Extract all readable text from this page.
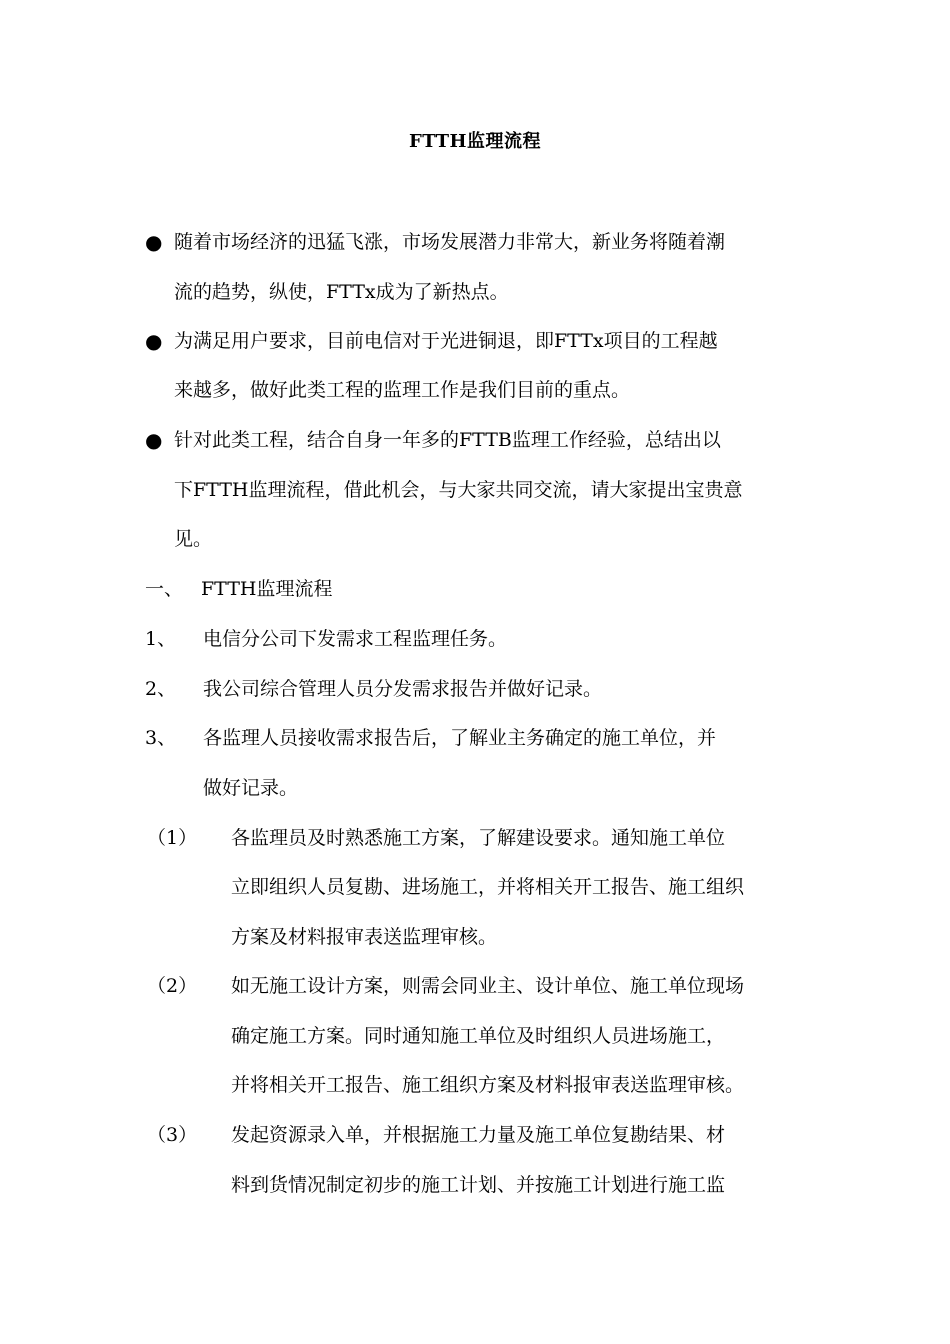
FTTH监理流程
● 随着市场经济的迅猛飞涨，市场发展潜力非常大，新业务将随着潮
流的趋势，纵使，FTTx成为了新热点。
● 为满足用户要求，目前电信对于光进铜退，即FTTx项目的工程越
来越多，做好此类工程的监理工作是我们目前的重点。
● 针对此类工程，结合自身一年多的FTTB监理工作经验，总结出以
下FTTH监理流程，借此机会，与大家共同交流，请大家提出宝贵意
见。
一、 FTTH监理流程
1、 电信分公司下发需求工程监理任务。
2、 我公司综合管理人员分发需求报告并做好记录。
3、 各监理人员接收需求报告后，了解业主务确定的施工单位，并
做好记录。
（1） 各监理员及时熟悉施工方案，了解建设要求。通知施工单位
立即组织人员复勘、进场施工，并将相关开工报告、施工组织
方案及材料报审表送监理审核。
（2） 如无施工设计方案，则需会同业主、设计单位、施工单位现场
确定施工方案。同时通知施工单位及时组织人员进场施工，
并将相关开工报告、施工组织方案及材料报审表送监理审核。
（3） 发起资源录入单，并根据施工力量及施工单位复勘结果、材
料到货情况制定初步的施工计划、并按施工计划进行施工监
